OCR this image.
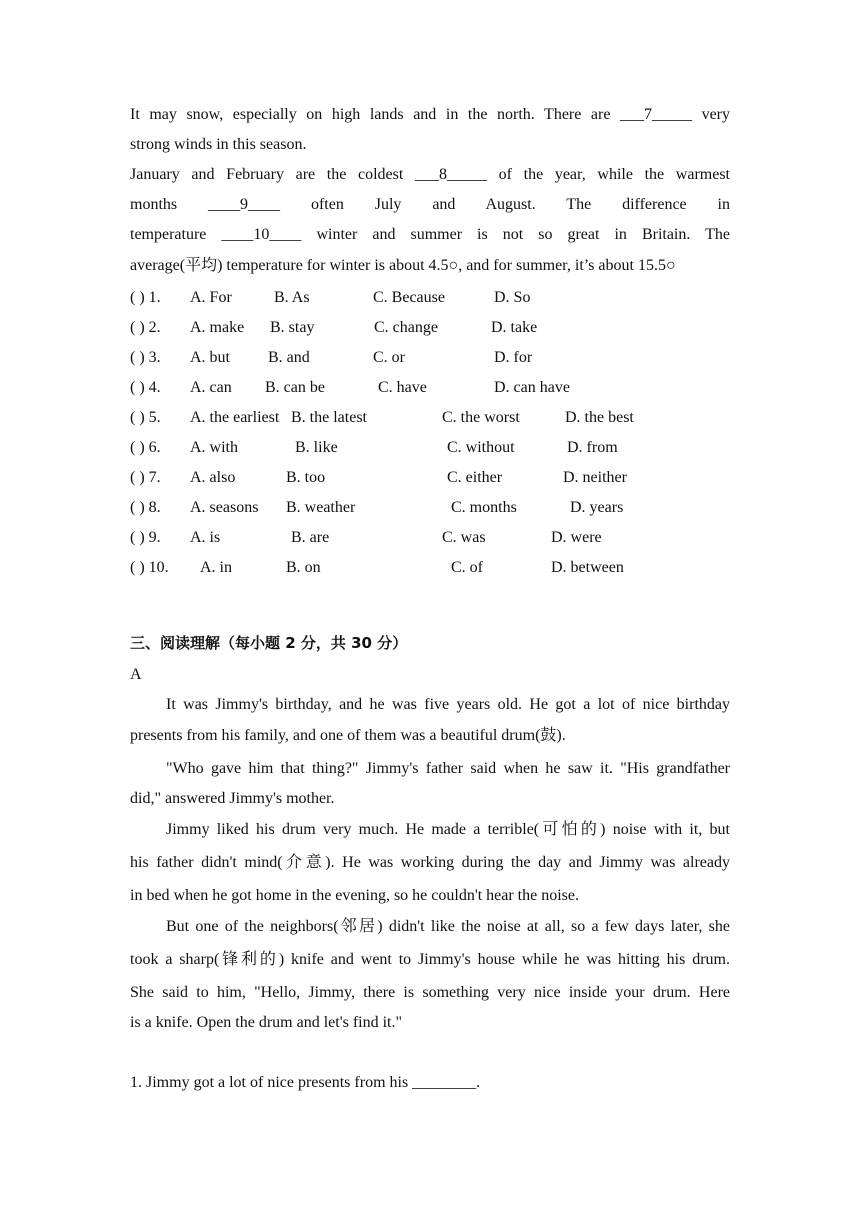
It may snow, especially on high lands and in the north. There are ___7_____ very
strong winds in this season.
January and February are the coldest ___8_____ of the year, while the warmest
months ____9____ often July and August. The difference in
temperature ____10____ winter and summer is not so great in Britain. The
average(平均) temperature for winter is about 4.5○, and for summer, it’s about 15.5○
( ) 1. A. For	B. As	C. Because	D. So
( ) 2. A. make B. stay	C. change	D. take
( ) 3. A. but B. and	C. or	D. for
( ) 4. A. can B. can be	C. have	D. can have
( ) 5. A. the earliest B. the latest	C. the worst	D. the best
( ) 6. A. with	B. like	C. without	D. from
( ) 7. A. also	B. too	C. either	D. neither
( ) 8. A. seasons B. weather	C. months	D. years
( ) 9. A. is	B. are	C. was	D. were
( ) 10. A. in	B. on	C. of	D. between
三、阅读理解（每小题 2 分，共 30 分）
A
It was Jimmy's birthday, and he was five years old. He got a lot of nice birthday
presents from his family, and one of them was a beautiful drum(鼓).
"Who gave him that thing?" Jimmy's father said when he saw it. "His grandfather
did," answered Jimmy's mother.
Jimmy liked his drum very much. He made a terrible(可怕的) noise with it, but
his father didn't mind(介意). He was working during the day and Jimmy was already
in bed when he got home in the evening, so he couldn't hear the noise.
But one of the neighbors(邻居) didn't like the noise at all, so a few days later, she
took a sharp(锋利的) knife and went to Jimmy's house while he was hitting his drum.
She said to him, "Hello, Jimmy, there is something very nice inside your drum. Here
is a knife. Open the drum and let's find it."
1. Jimmy got a lot of nice presents from his ________.
